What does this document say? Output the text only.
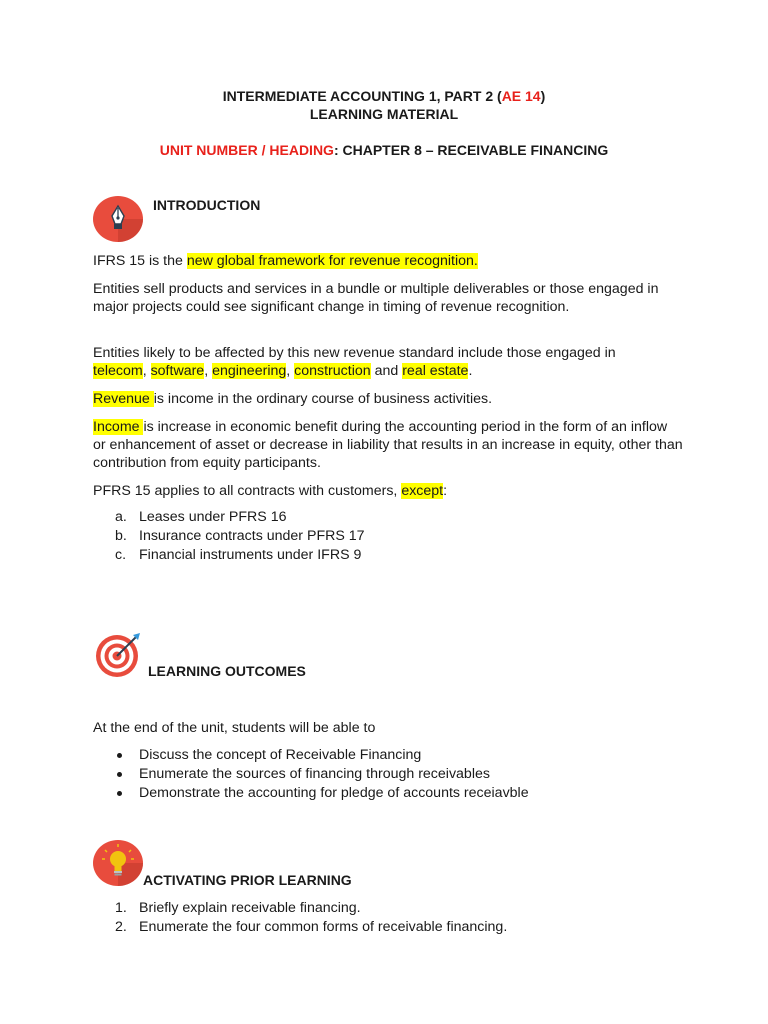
INTERMEDIATE ACCOUNTING 1, PART 2 (AE 14)
LEARNING MATERIAL
UNIT NUMBER / HEADING: CHAPTER 8 – RECEIVABLE FINANCING
INTRODUCTION

IFRS 15 is the new global framework for revenue recognition.

Entities sell products and services in a bundle or multiple deliverables or those engaged in major projects could see significant change in timing of revenue recognition.

Entities likely to be affected by this new revenue standard include those engaged in
telecom, software, engineering, construction and real estate.

Revenue is income in the ordinary course of business activities.

Income is increase in economic benefit during the accounting period in the form of an inflow or enhancement of asset or decrease in liability that results in an increase in equity, other than contribution from equity participants.

PFRS 15 applies to all contracts with customers, except:

a. Leases under PFRS 16
b. Insurance contracts under PFRS 17
c. Financial instruments under IFRS 9
LEARNING OUTCOMES

At the end of the unit, students will be able to

Discuss the concept of Receivable Financing
Enumerate the sources of financing through receivables
Demonstrate the accounting for pledge of accounts receiavble
ACTIVATING PRIOR LEARNING
1. Briefly explain receivable financing.
2. Enumerate the four common forms of receivable financing.
